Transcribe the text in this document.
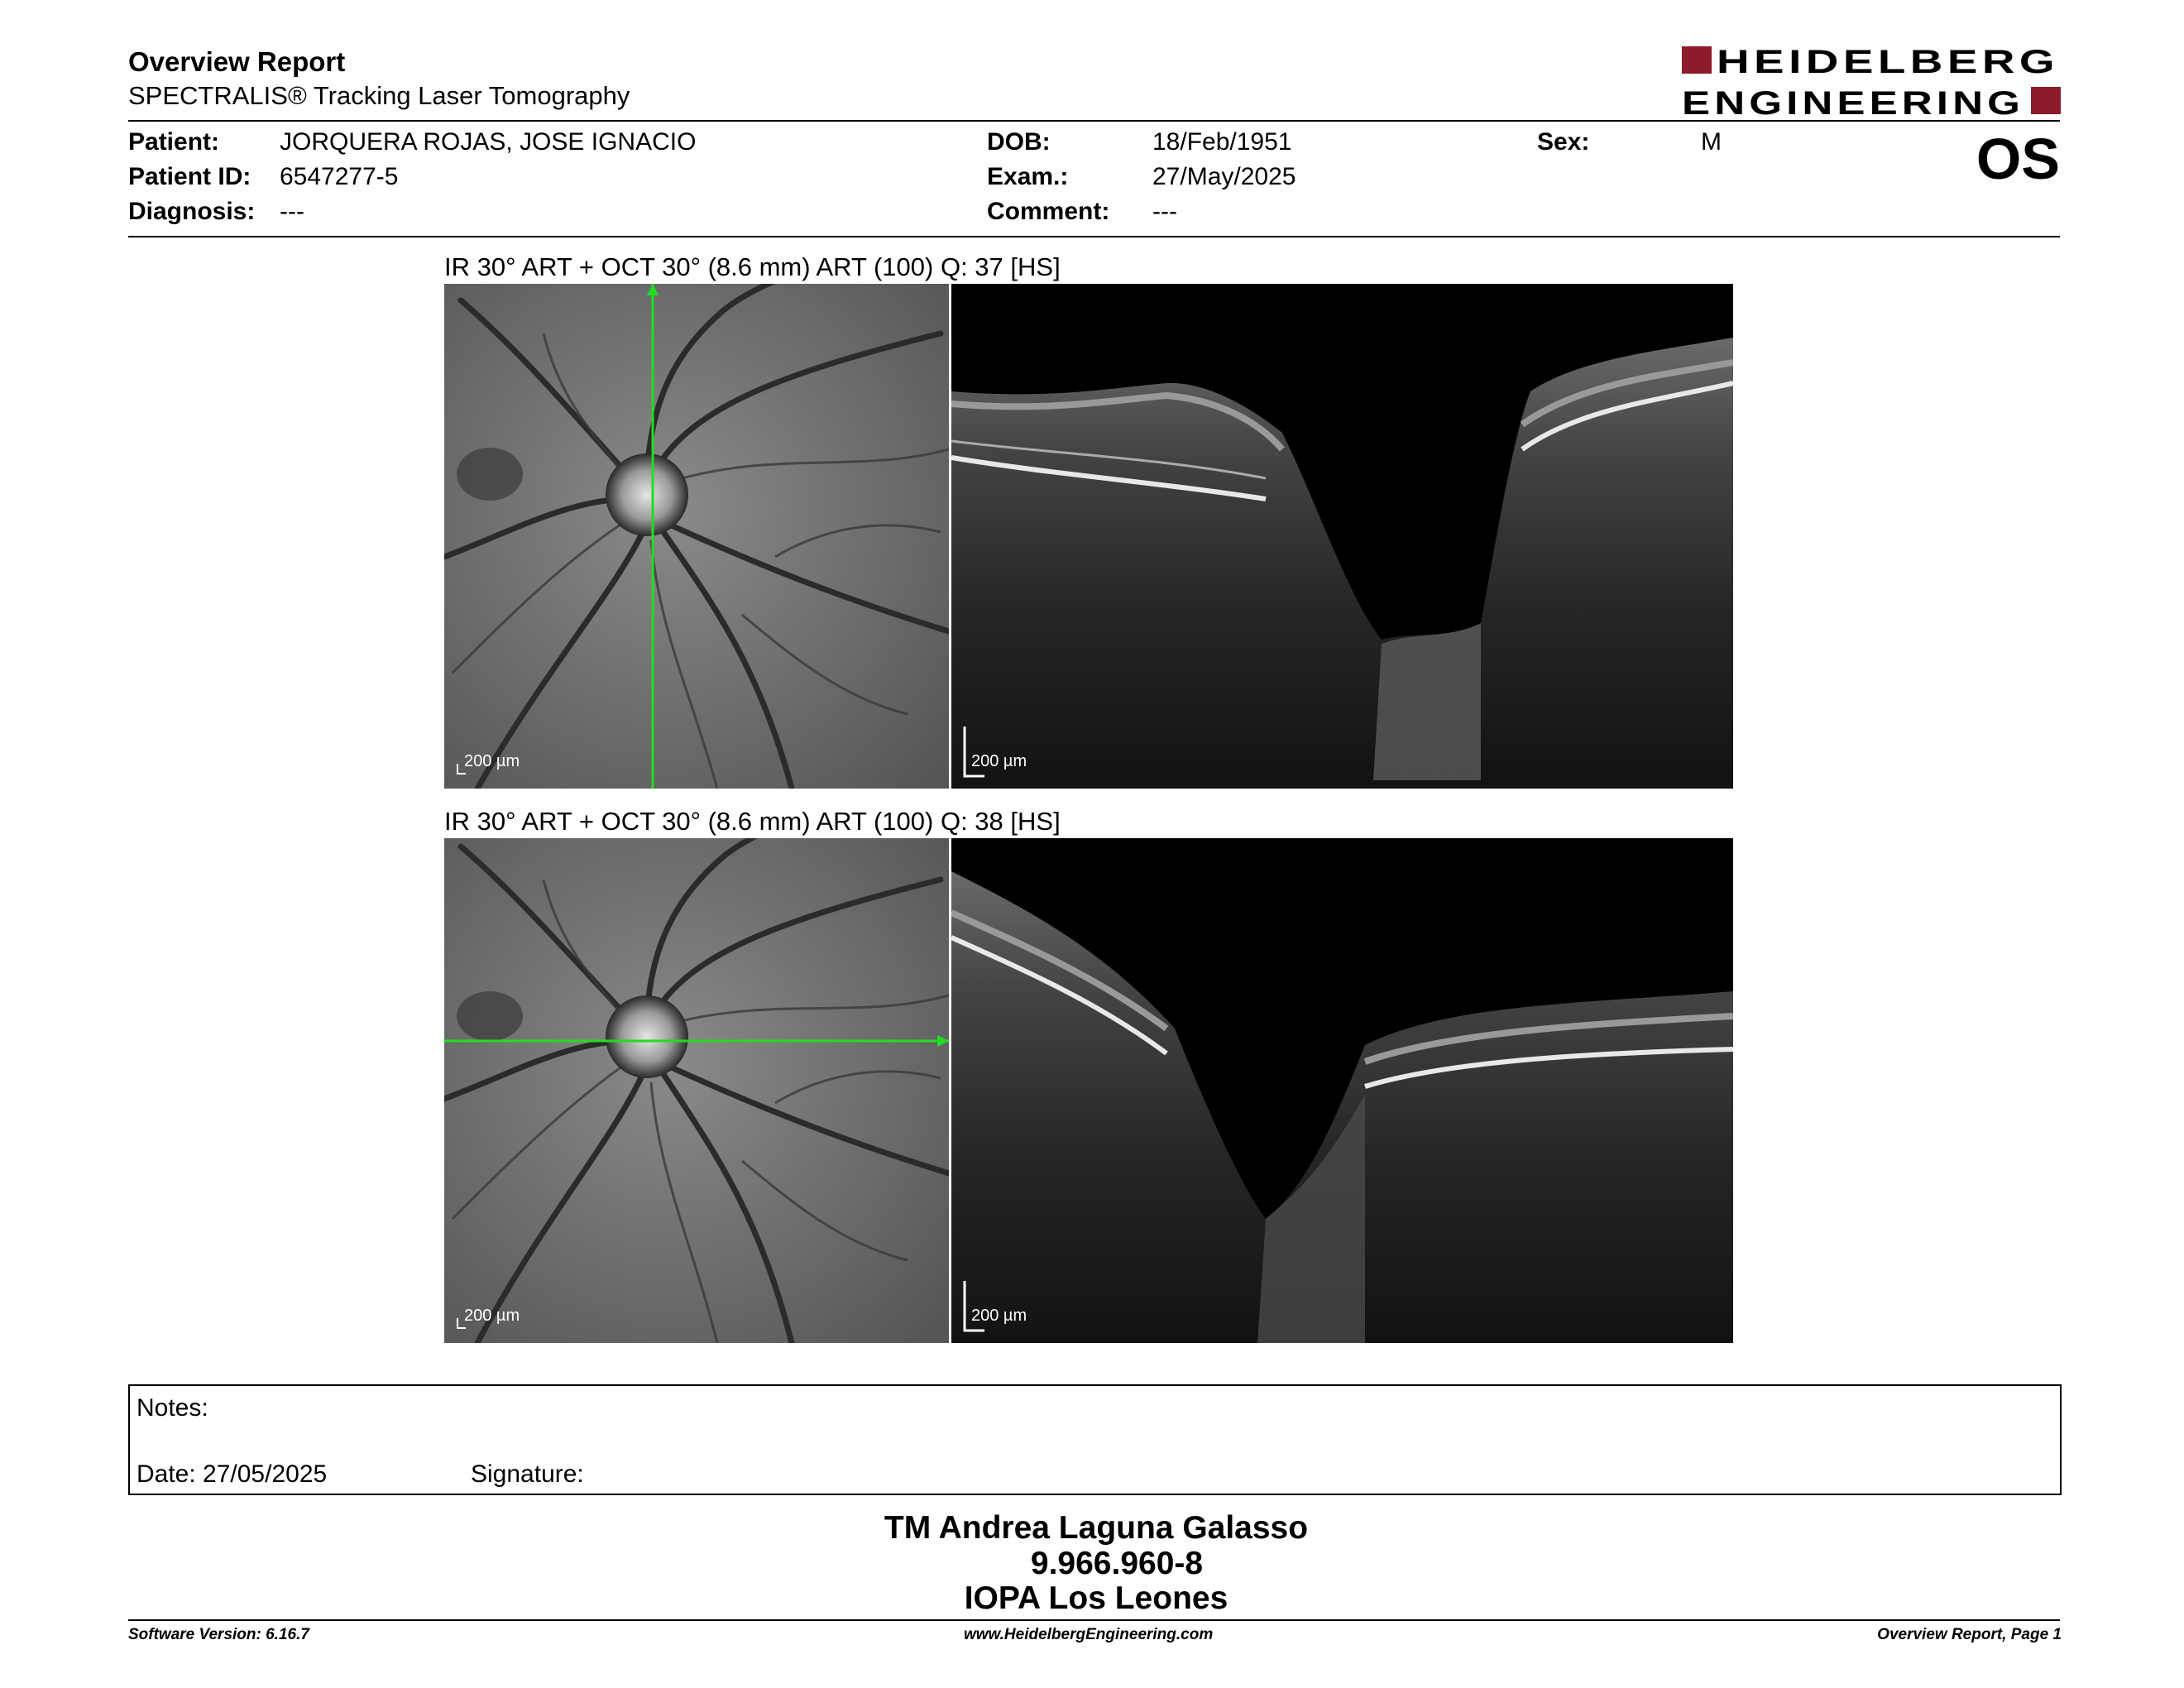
Overview Report
SPECTRALIS® Tracking Laser Tomography
HEIDELBERG
ENGINEERING
Patient: JORQUERA ROJAS, JOSE IGNACIO
Patient ID: 6547277-5
Diagnosis: ---
DOB:	18/Feb/1951
Exam.:	27/May/2025
Comment: ---
Sex:	M	OS
IR 30° ART + OCT 30° (8.6 mm) ART (100) Q: 37 [HS]
200 µm	200 µm
IR 30° ART + OCT 30° (8.6 mm) ART (100) Q: 38 [HS]
200 µm	200 µm
Notes:
Date: 27/05/2025	Signature:
TM Andrea Laguna Galasso
9.966.960-8
IOPA Los Leones
Software Version: 6.16.7	www.HeidelbergEngineering.com	Overview Report, Page 1
